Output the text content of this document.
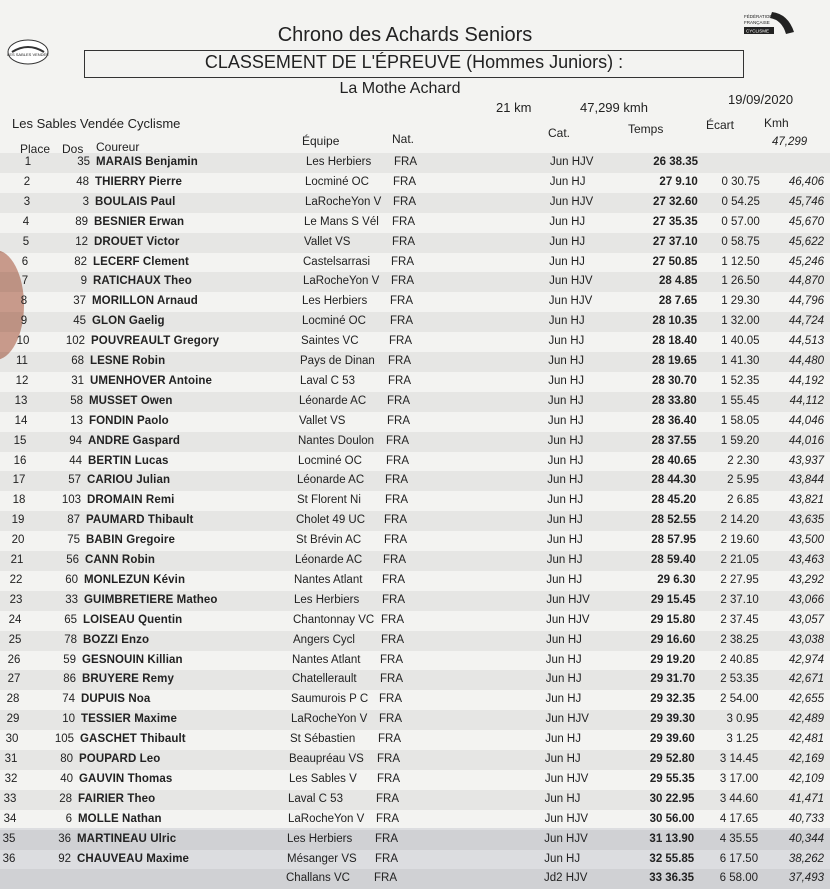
LES SABLES VENDÉE
FÉDÉRATION
FRANÇAISE
CYCLISME
Chrono des Achards Seniors
CLASSEMENT DE L'ÉPREUVE (Hommes Juniors) :
La Mothe Achard
21 km	47,299 kmh
19/09/2020
Les Sables Vendée Cyclisme
Équipe	Nat.	Cat.	Temps	Écart Kmh
Place Dos Coureur	47,299
1	35 MARAIS Benjamin	Les Herbiers FRA	Jun HJV	26 38.35
2	48 THIERRY Pierre	Locminé OC FRA	Jun HJ	27 9.10	0 30.75	46,406
3	3 BOULAIS Paul	LaRocheYon V FRA	Jun HJV	27 32.60	0 54.25	45,746
4	89 BESNIER Erwan	Le Mans S Vél FRA	Jun HJ	27 35.35	0 57.00	45,670
5	12 DROUET Victor	Vallet VS	FRA	Jun HJ	27 37.10	0 58.75	45,622
6	82 LECERF Clement	Castelsarrasi FRA	Jun HJ	27 50.85	1 12.50	45,246
7	9 RATICHAUX Theo	LaRocheYon V FRA	Jun HJV	28 4.85	1 26.50	44,870
8	37 MORILLON Arnaud	Les Herbiers FRA	Jun HJV	28 7.65	1 29.30	44,796
9	45 GLON Gaelig	Locminé OC FRA	Jun HJ	28 10.35	1 32.00	44,724
10	102 POUVREAULT Gregory	Saintes VC	FRA	Jun HJ	28 18.40	1 40.05	44,513
11	68 LESNE Robin	Pays de Dinan FRA	Jun HJ	28 19.65	1 41.30	44,480
12	31 UMENHOVER Antoine	Laval C 53	FRA	Jun HJ	28 30.70	1 52.35	44,192
13	58 MUSSET Owen	Léonarde AC FRA	Jun HJ	28 33.80	1 55.45	44,112
14	13 FONDIN Paolo	Vallet VS	FRA	Jun HJ	28 36.40	1 58.05	44,046
15	94 ANDRE Gaspard	Nantes Doulon FRA	Jun HJ	28 37.55	1 59.20	44,016
16	44 BERTIN Lucas	Locminé OC FRA	Jun HJ	28 40.65	2 2.30	43,937
17	57 CARIOU Julian	Léonarde AC FRA	Jun HJ	28 44.30	2 5.95	43,844
18	103 DROMAIN Remi	St Florent Ni FRA	Jun HJ	28 45.20	2 6.85	43,821
19	87 PAUMARD Thibault	Cholet 49 UC FRA	Jun HJ	28 52.55	2 14.20	43,635
20	75 BABIN Gregoire	St Brévin AC FRA	Jun HJ	28 57.95	2 19.60	43,500
21	56 CANN Robin	Léonarde AC FRA	Jun HJ	28 59.40	2 21.05	43,463
22	60 MONLEZUN Kévin	Nantes Atlant FRA	Jun HJ	29 6.30	2 27.95	43,292
23	33 GUIMBRETIERE Matheo	Les Herbiers FRA	Jun HJV	29 15.45	2 37.10	43,066
24	65 LOISEAU Quentin	Chantonnay VC FRA	Jun HJV	29 15.80	2 37.45	43,057
25	78 BOZZI Enzo	Angers Cycl FRA	Jun HJ	29 16.60	2 38.25	43,038
26	59 GESNOUIN Killian	Nantes Atlant FRA	Jun HJ	29 19.20	2 40.85	42,974
27	86 BRUYERE Remy	Chatellerault FRA	Jun HJ	29 31.70	2 53.35	42,671
28	74 DUPUIS Noa	Saumurois P C FRA	Jun HJ	29 32.35	2 54.00	42,655
29	10 TESSIER Maxime	LaRocheYon V FRA	Jun HJV	29 39.30	3 0.95	42,489
30	105 GASCHET Thibault	St Sébastien FRA	Jun HJ	29 39.60	3 1.25	42,481
31	80 POUPARD Leo	Beaupréau VS FRA	Jun HJ	29 52.80	3 14.45	42,169
32	40 GAUVIN Thomas	Les Sables V FRA	Jun HJV	29 55.35	3 17.00	42,109
33	28 FAIRIER Theo	Laval C 53	FRA	Jun HJ	30 22.95	3 44.60	41,471
34	6 MOLLE Nathan	LaRocheYon V FRA	Jun HJV	30 56.00	4 17.65	40,733
35	36 MARTINEAU Ulric	Les Herbiers FRA	Jun HJV	31 13.90	4 35.55	40,344
36	92 CHAUVEAU Maxime	Mésanger VS FRA	Jun HJ	32 55.85	6 17.50	38,262
Challans VC FRA	Jd2 HJV	33 36.35	6 58.00	37,493
